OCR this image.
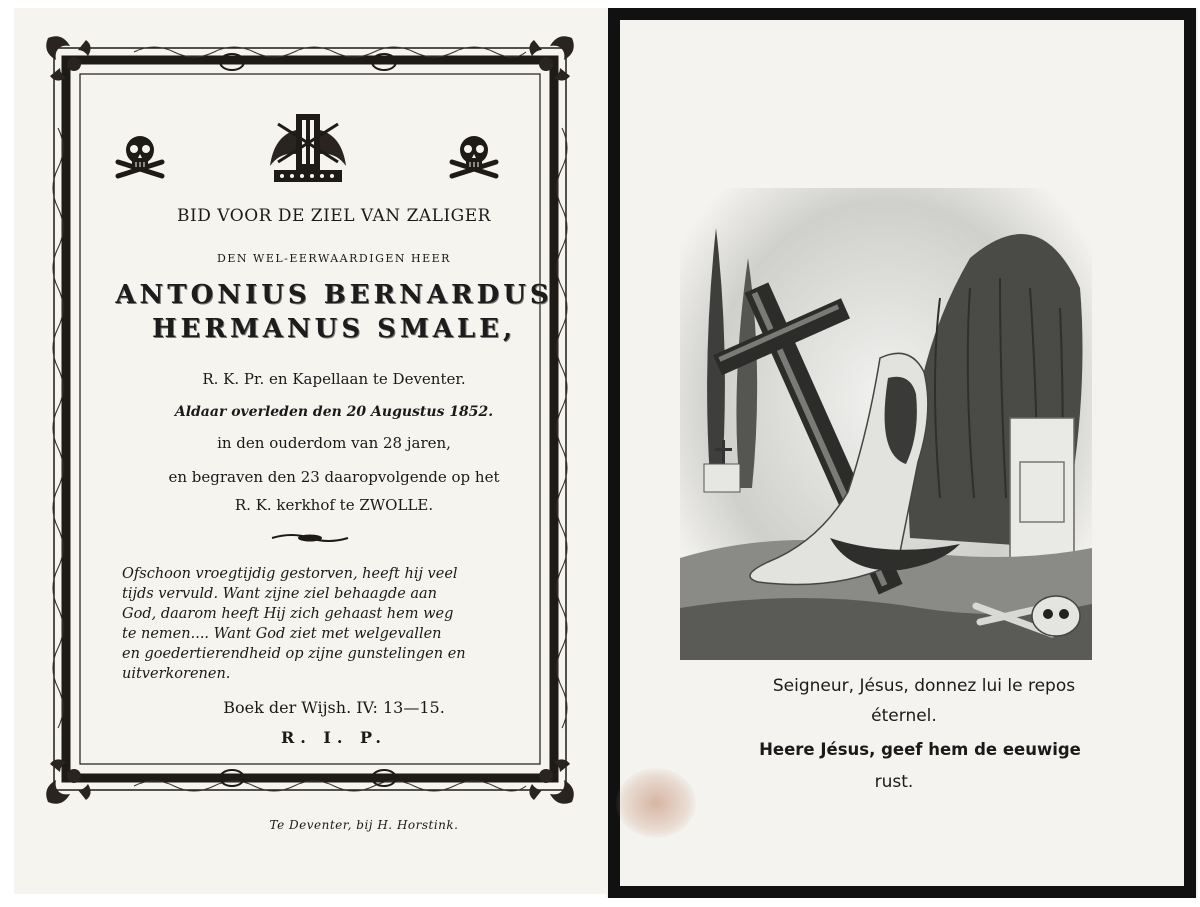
BID VOOR DE ZIEL VAN ZALIGER
DEN WEL-EERWAARDIGEN HEER
ANTONIUS BERNARDUS
HERMANUS SMALE,
R. K. Pr. en Kapellaan te Deventer.
Aldaar overleden den 20 Augustus 1852.
in den ouderdom van 28 jaren,
en begraven den 23 daaropvolgende op het
R. K. kerkhof te ZWOLLE.
Ofschoon vroegtijdig gestorven, heeft hij veel
tijds vervuld. Want zijne ziel behaagde aan
God, daarom heeft Hij zich gehaast hem weg
te nemen.... Want God ziet met welgevallen
en goedertierendheid op zijne gunstelingen en
uitverkorenen.
Boek der Wijsh. IV: 13—15.
R. I. P.
Te Deventer, bij H. Horstink.
Seigneur, Jésus, donnez lui le repos
éternel.
Heere Jésus, geef hem de eeuwige
rust.
